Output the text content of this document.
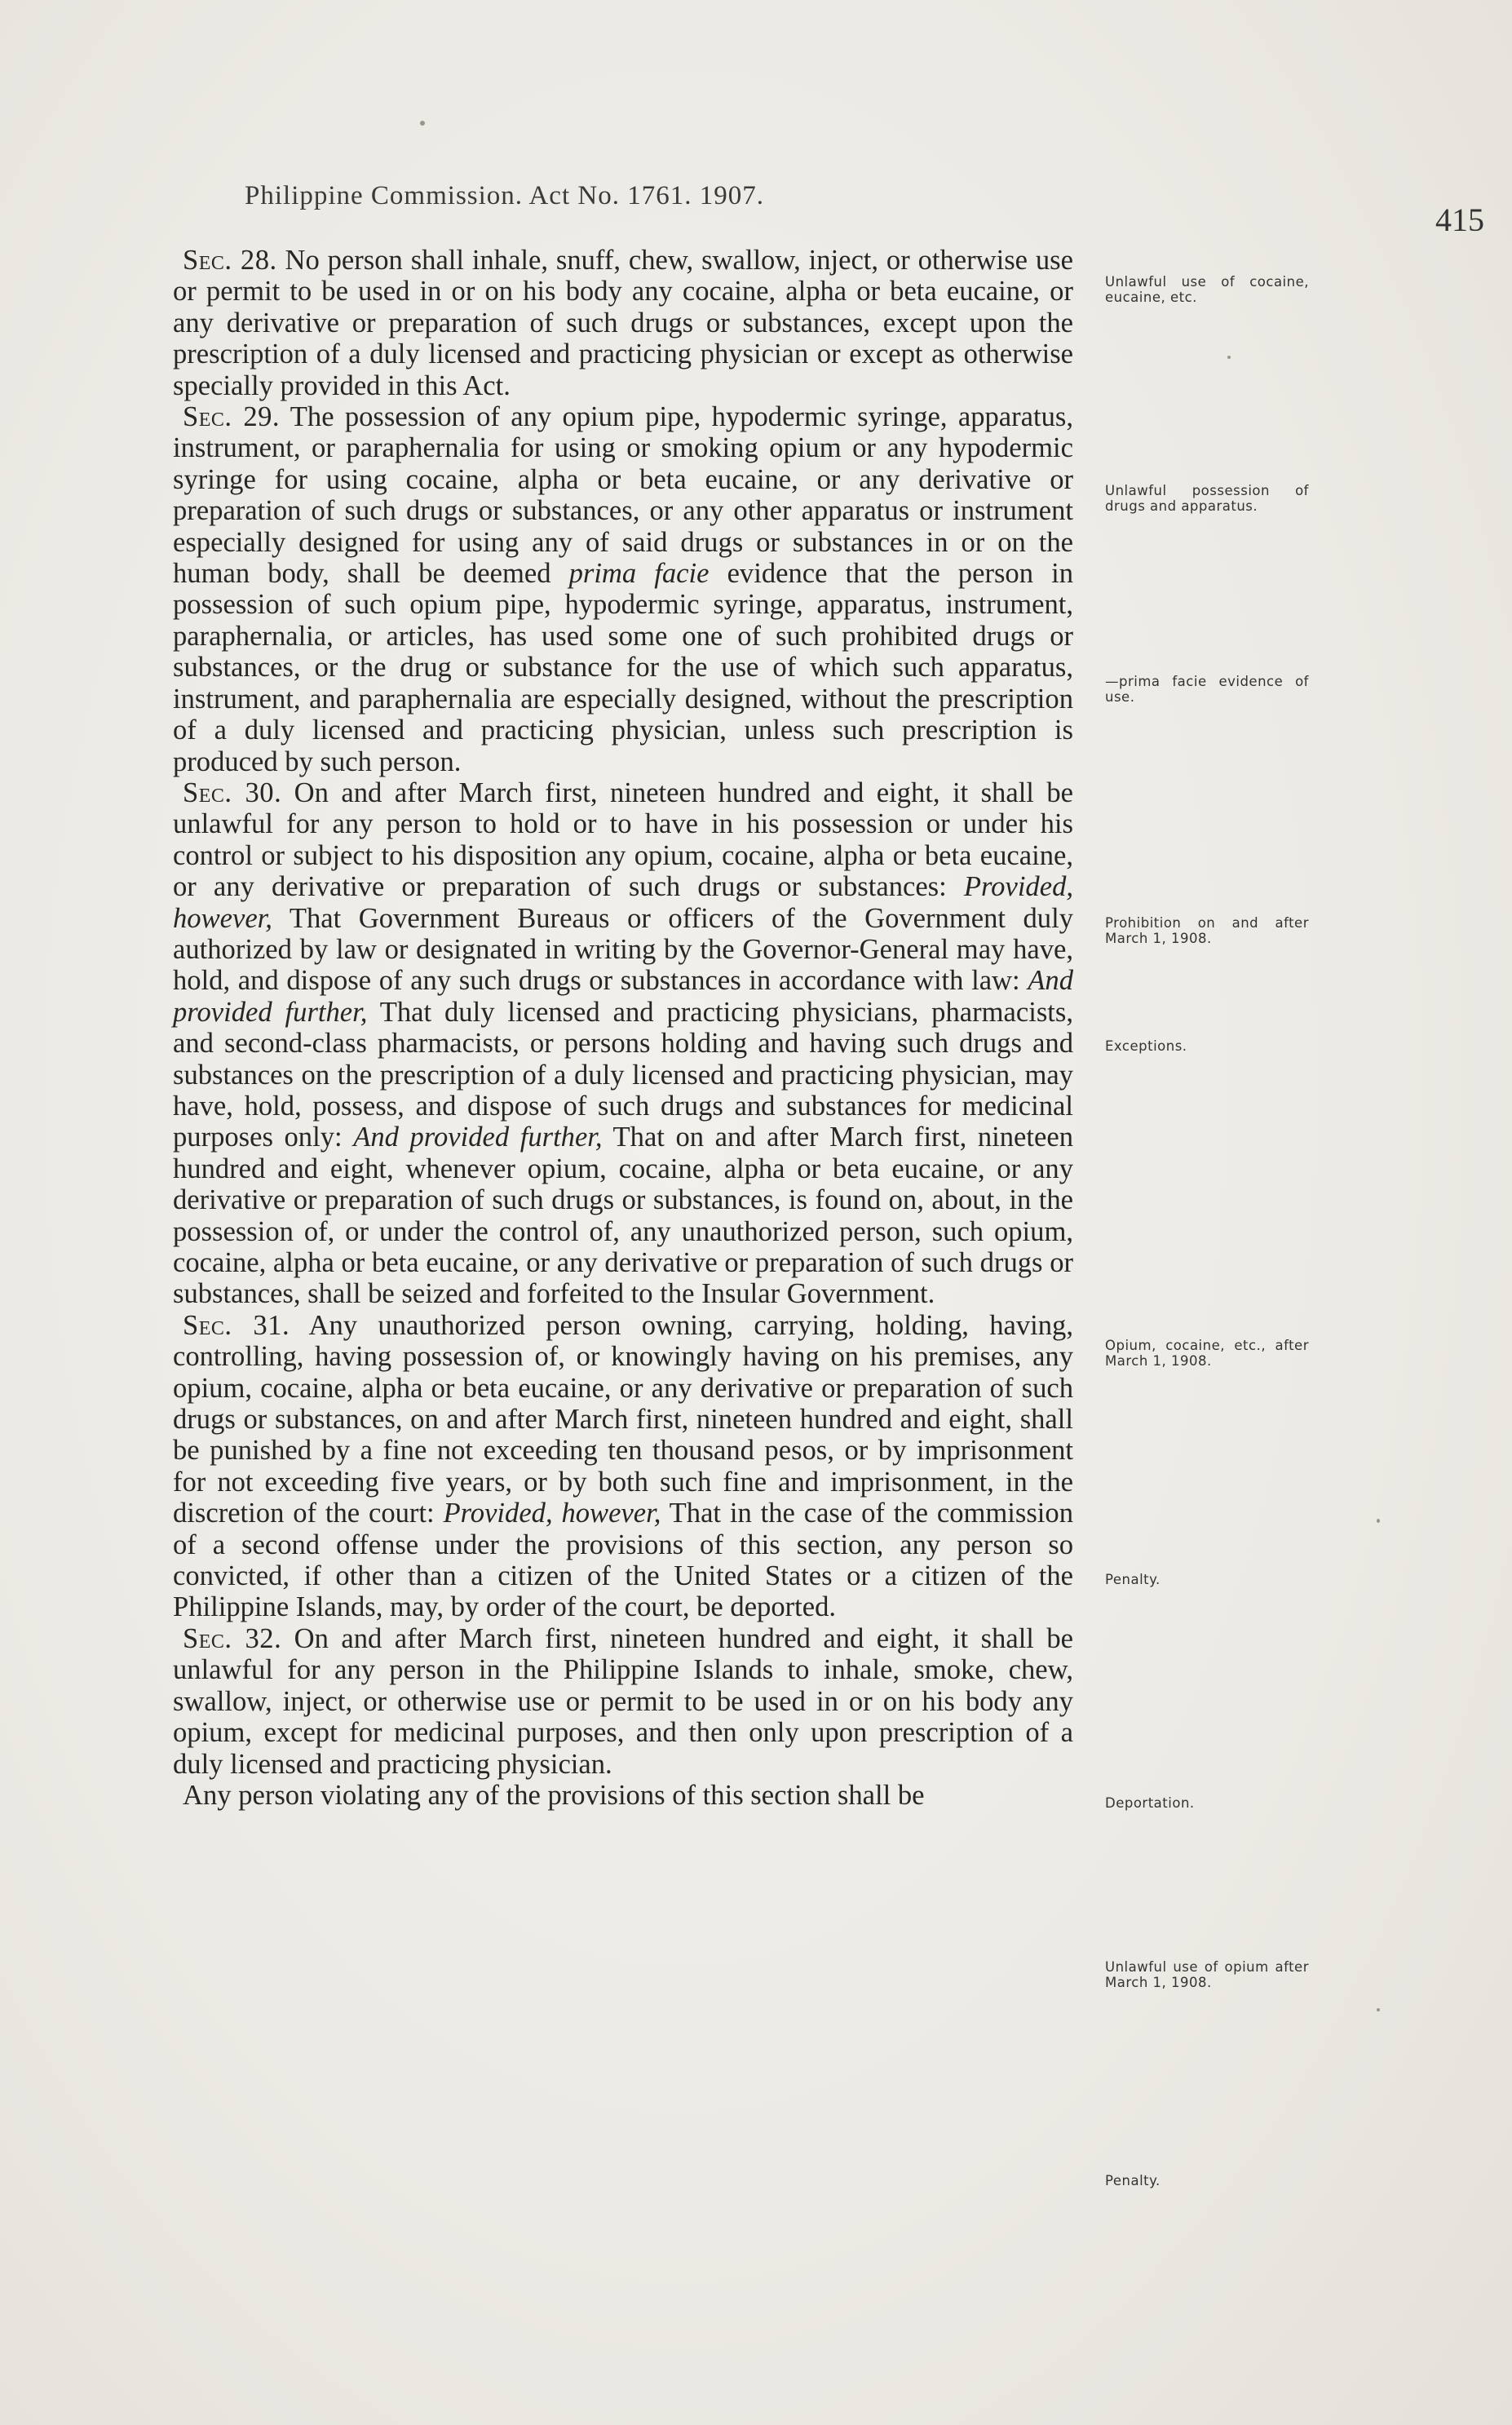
Philippine Commission. Act No. 1761. 1907.
415

Sec. 28. No person shall inhale, snuff, chew, swallow, inject, or otherwise use or permit to be used in or on his body any cocaine, alpha or beta eucaine, or any derivative or preparation of such drugs or substances, except upon the prescription of a duly licensed and practicing physician or except as otherwise specially provided in this Act.

Sec. 29. The possession of any opium pipe, hypodermic syringe, apparatus, instrument, or paraphernalia for using or smoking opium or any hypodermic syringe for using cocaine, alpha or beta eucaine, or any derivative or preparation of such drugs or substances, or any other apparatus or instrument especially designed for using any of said drugs or substances in or on the human body, shall be deemed prima facie evidence that the person in possession of such opium pipe, hypodermic syringe, apparatus, instrument, paraphernalia, or articles, has used some one of such prohibited drugs or substances, or the drug or substance for the use of which such apparatus, instrument, and paraphernalia are especially designed, without the prescription of a duly licensed and practicing physician, unless such prescription is produced by such person.

Sec. 30. On and after March first, nineteen hundred and eight, it shall be unlawful for any person to hold or to have in his possession or under his control or subject to his disposition any opium, cocaine, alpha or beta eucaine, or any derivative or preparation of such drugs or substances: Provided, however, That Government Bureaus or officers of the Government duly authorized by law or designated in writing by the Governor-General may have, hold, and dispose of any such drugs or substances in accordance with law: And provided further, That duly licensed and practicing physicians, pharmacists, and second-class pharmacists, or persons holding and having such drugs and substances on the prescription of a duly licensed and practicing physician, may have, hold, possess, and dispose of such drugs and substances for medicinal purposes only: And provided further, That on and after March first, nineteen hundred and eight, whenever opium, cocaine, alpha or beta eucaine, or any derivative or preparation of such drugs or substances, is found on, about, in the possession of, or under the control of, any unauthorized person, such opium, cocaine, alpha or beta eucaine, or any derivative or preparation of such drugs or substances, shall be seized and forfeited to the Insular Government.

Sec. 31. Any unauthorized person owning, carrying, holding, having, controlling, having possession of, or knowingly having on his premises, any opium, cocaine, alpha or beta eucaine, or any derivative or preparation of such drugs or substances, on and after March first, nineteen hundred and eight, shall be punished by a fine not exceeding ten thousand pesos, or by imprisonment for not exceeding five years, or by both such fine and imprisonment, in the discretion of the court: Provided, however, That in the case of the commission of a second offense under the provisions of this section, any person so convicted, if other than a citizen of the United States or a citizen of the Philippine Islands, may, by order of the court, be deported.

Sec. 32. On and after March first, nineteen hundred and eight, it shall be unlawful for any person in the Philippine Islands to inhale, smoke, chew, swallow, inject, or otherwise use or permit to be used in or on his body any opium, except for medicinal purposes, and then only upon prescription of a duly licensed and practicing physician.

Any person violating any of the provisions of this section shall be

Unlawful use of cocaine, eucaine, etc.
Unlawful possession of drugs and apparatus.
—prima facie evidence of use.
Prohibition on and after March 1, 1908.
Exceptions.
Opium, cocaine, etc., after March 1, 1908.
Penalty.
Deportation.
Unlawful use of opium after March 1, 1908.
Penalty.
